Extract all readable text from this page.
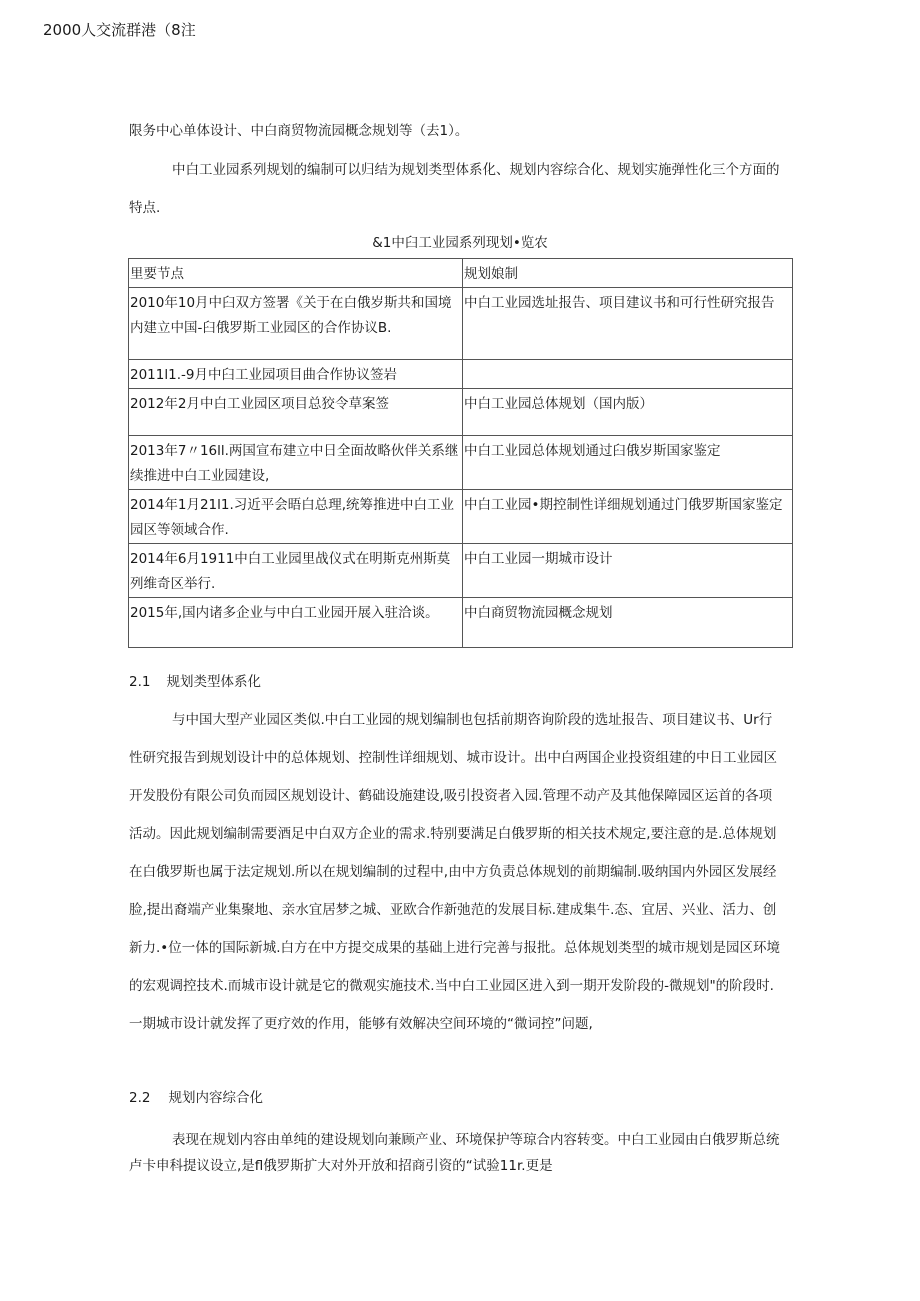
2000人交流群港（8注
限务中心单体设计、中白商贸物流园概念规划等（去1）。
中白工业园系列规划的编制可以归结为规划类型体系化、规划内容综合化、规划实施弹性化三个方面的
特点.
&1中臼工业园系列现划•览农
里要节点	规划娘制
2010年10月中臼双方签署《关于在白俄岁斯共和国境内建立中国-臼俄罗斯工业园区的合作协议B.	中白工业园选址报告、项目建议书和可行性研究报告
2011l1.-9月中臼工业园项目曲合作协议签岩	
2012年2月中白工业园区项目总狡令草案签	中白工业园总体规划（国内版）
2013年7〃16ll.两国宣布建立中日全面故略伙伴关系继续推进中白工业园建设,	中白工业园总体规划通过臼俄岁斯国家鉴定
2014年1月21l1.习近平会晤白总理,统筹推进中白工业园区等领域合作.	中白工业园•期控制性详细规划通过门俄罗斯国家鉴定
2014年6月1911中白工业园里战仪式在明斯克州斯莫列维奇区举行.	中白工业园一期城市设计
2015年,国内诸多企业与中白工业园开展入驻洽谈。	中白商贸物流园概念规划
2.1 规划类型体系化
与中国大型产业园区类似.中白工业园的规划编制也包括前期咨询阶段的选址报告、项目建议书、Ur行
性研究报告到规划设计中的总体规划、控制性详细规划、城市设计。出中白两国企业投资组建的中日工业园区
开发股份有限公司负而园区规划设计、鹤础设施建设,吸引投资者入园.管理不动产及其他保障园区运首的各项
活动。因此规划编制需要酒足中白双方企业的需求.特别要满足白俄罗斯的相关技术规定,要注意的是.总体规划
在白俄罗斯也属于法定规划.所以在规划编制的过程中,由中方负责总体规划的前期编制.吸纳国内外园区发展经
脸,提出裔端产业集聚地、亲水宜居梦之城、亚欧合作新弛范的发展目标.建成集牛.态、宜居、兴业、活力、创
新力.•位一体的国际新城.白方在中方提交成果的基础上进行完善与报批。总体规划类型的城市规划是园区环境
的宏观调控技术.而城市设计就是它的微观实施技术.当中白工业园区进入到一期开发阶段的-微规划"的阶段时.
一期城市设计就发挥了更疗效的作用，能够有效解决空间环境的“微词控”问题,
2.2 规划内容综合化
表现在规划内容由单纯的建设规划向兼顾产业、环境保护等琼合内容转变。中白工业园由白俄罗斯总统
卢卡申科提议设立,是fl俄罗斯扩大对外开放和招商引资的“试验11r.更是
